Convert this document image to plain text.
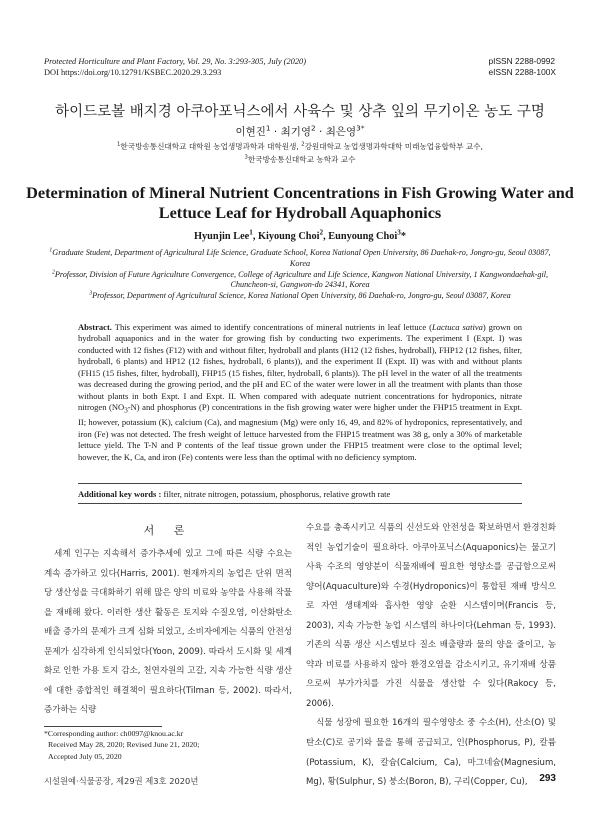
Protected Horticulture and Plant Factory, Vol. 29, No. 3:293-305, July (2020)
DOI https://doi.org/10.12791/KSBEC.2020.29.3.293
pISSN 2288-0992
eISSN 2288-100X
하이드로볼 배지경 아쿠아포닉스에서 사육수 및 상추 잎의 무기이온 농도 구명
이현진$^1$ · 최기영$^2$ · 최은영$^{3*}$
$^1$한국방송통신대학교 대학원 농업생명과학과 대학원생, $^2$강원대학교 농업생명과학대학 미래농업융합학부 교수,
$^3$한국방송통신대학교 농학과 교수
Determination of Mineral Nutrient Concentrations in Fish Growing Water and Lettuce Leaf for Hydroball Aquaphonics
Hyunjin Lee$^1$, Kiyoung Choi$^2$, Eunyoung Choi$^3$*

$^1$Graduate Student, Department of Agricultural Life Science, Graduate School, Korea National Open University, 86 Daehak-ro, Jongro-gu, Seoul 03087, Korea

$^2$Professor, Division of Future Agriculture Convergence, College of Agriculture and Life Science, Kangwon National University, 1 Kangwondaehak-gil, Chuncheon-si, Gangwon-do 24341, Korea

$^3$Professor, Department of Agricultural Science, Korea National Open University, 86 Daehak-ro, Jongro-gu, Seoul 03087, Korea

Abstract. This experiment was aimed to identify concentrations of mineral nutrients in leaf lettuce (Lactuca sativa) grown on hydroball aquaponics and in the water for growing fish by conducting two experiments. The experiment I (Expt. I) was conducted with 12 fishes (F12) with and without filter, hydroball and plants (H12 (12 fishes, hydroball), FHP12 (12 fishes, filter, hydroball, 6 plants) and HP12 (12 fishes, hydroball, 6 plants)), and the experiment II (Expt. II) was with and without plants (FH15 (15 fishes, filter, hydroball), FHP15 (15 fishes, filter, hydroball, 6 plants)). The pH level in the water of all the treatments was decreased during the growing period, and the pH and EC of the water were lower in all the treatment with plants than those without plants in both Expt. I and Expt. II. When compared with adequate nutrient concentrations for hydroponics, nitrate nitrogen $(NO_3-N)$ and phosphorus (P) concentrations in the fish growing water were higher under the FHP15 treatment in Expt. II; however, potassium (K), calcium (Ca), and magnesium (Mg) were only 16, 49, and 82% of hydroponics, representatively, and iron (Fe) was not detected. The fresh weight of lettuce harvested from the FHP15 treatment was 38 g, only a 30% of marketable lettuce yield. The T-N and P contents of the leaf tissue grown under the FHP15 treatment were close to the optimal level; however, the K, Ca, and iron (Fe) contents were less than the optimal with no deficiency symptom.
Additional key words : filter, nitrate nitrogen, potassium, phosphorus, relative growth rate
서 론

세계 인구는 지속해서 증가추세에 있고 그에 따른 식량 수요는 계속 증가하고 있다(Harris, 2001). 현재까지의 농업은 단위 면적당 생산성을 극대화하기 위해 많은 양의 비료와 농약을 사용해 작물을 재배해 왔다. 이러한 생산 활동은 토지와 수질오염, 이산화탄소 배출 증가의 문제가 크게 심화 되었고, 소비자에게는 식품의 안전성 문제가 심각하게 인식되었다(Yoon, 2009). 따라서 도시화 및 세계화로 인한 가용 토지 감소, 천연자원의 고갈, 지속 가능한 식량 생산에 대한 종합적인 해결책이 필요하다(Tilman 등, 2002). 따라서, 증가하는 식량

수요를 충족시키고 식품의 신선도와 안전성을 확보하면서 환경친화적인 농업기술이 필요하다. 아쿠아포닉스(Aquaponics)는 물고기 사육 수조의 영양분이 식물재배에 필요한 영양소를 공급함으로써 양어(Aquaculture)와 수경(Hydroponics)이 통합된 재배 방식으로 자연 생태계와 흡사한 영양 순환 시스템이며(Francis 등, 2003), 지속 가능한 농업 시스템의 하나이다(Lehman 등, 1993). 기존의 식품 생산 시스템보다 질소 배출량과 물의 양을 줄이고, 농약과 비료를 사용하지 않아 환경오염을 감소시키고, 유기재배 상품으로써 부가가치를 가진 식물을 생산할 수 있다(Rakocy 등, 2006).

식물 성장에 필요한 16개의 필수영양소 중 수소(H), 산소(O) 및 탄소(C)로 공기와 물을 통해 공급되고, 인(Phosphorus, P), 칼륨(Potassium, K), 칼슘(Calcium, Ca), 마그네슘(Magnesium, Mg), 황(Sulphur, S) 붕소(Boron, B), 구리(Copper, Cu),

*Corresponding author: ch0097@knou.ac.kr
Received May 28, 2020; Revised June 21, 2020;
Accepted July 05, 2020
시설원예·식물공장, 제29권 제3호 2020년	293
